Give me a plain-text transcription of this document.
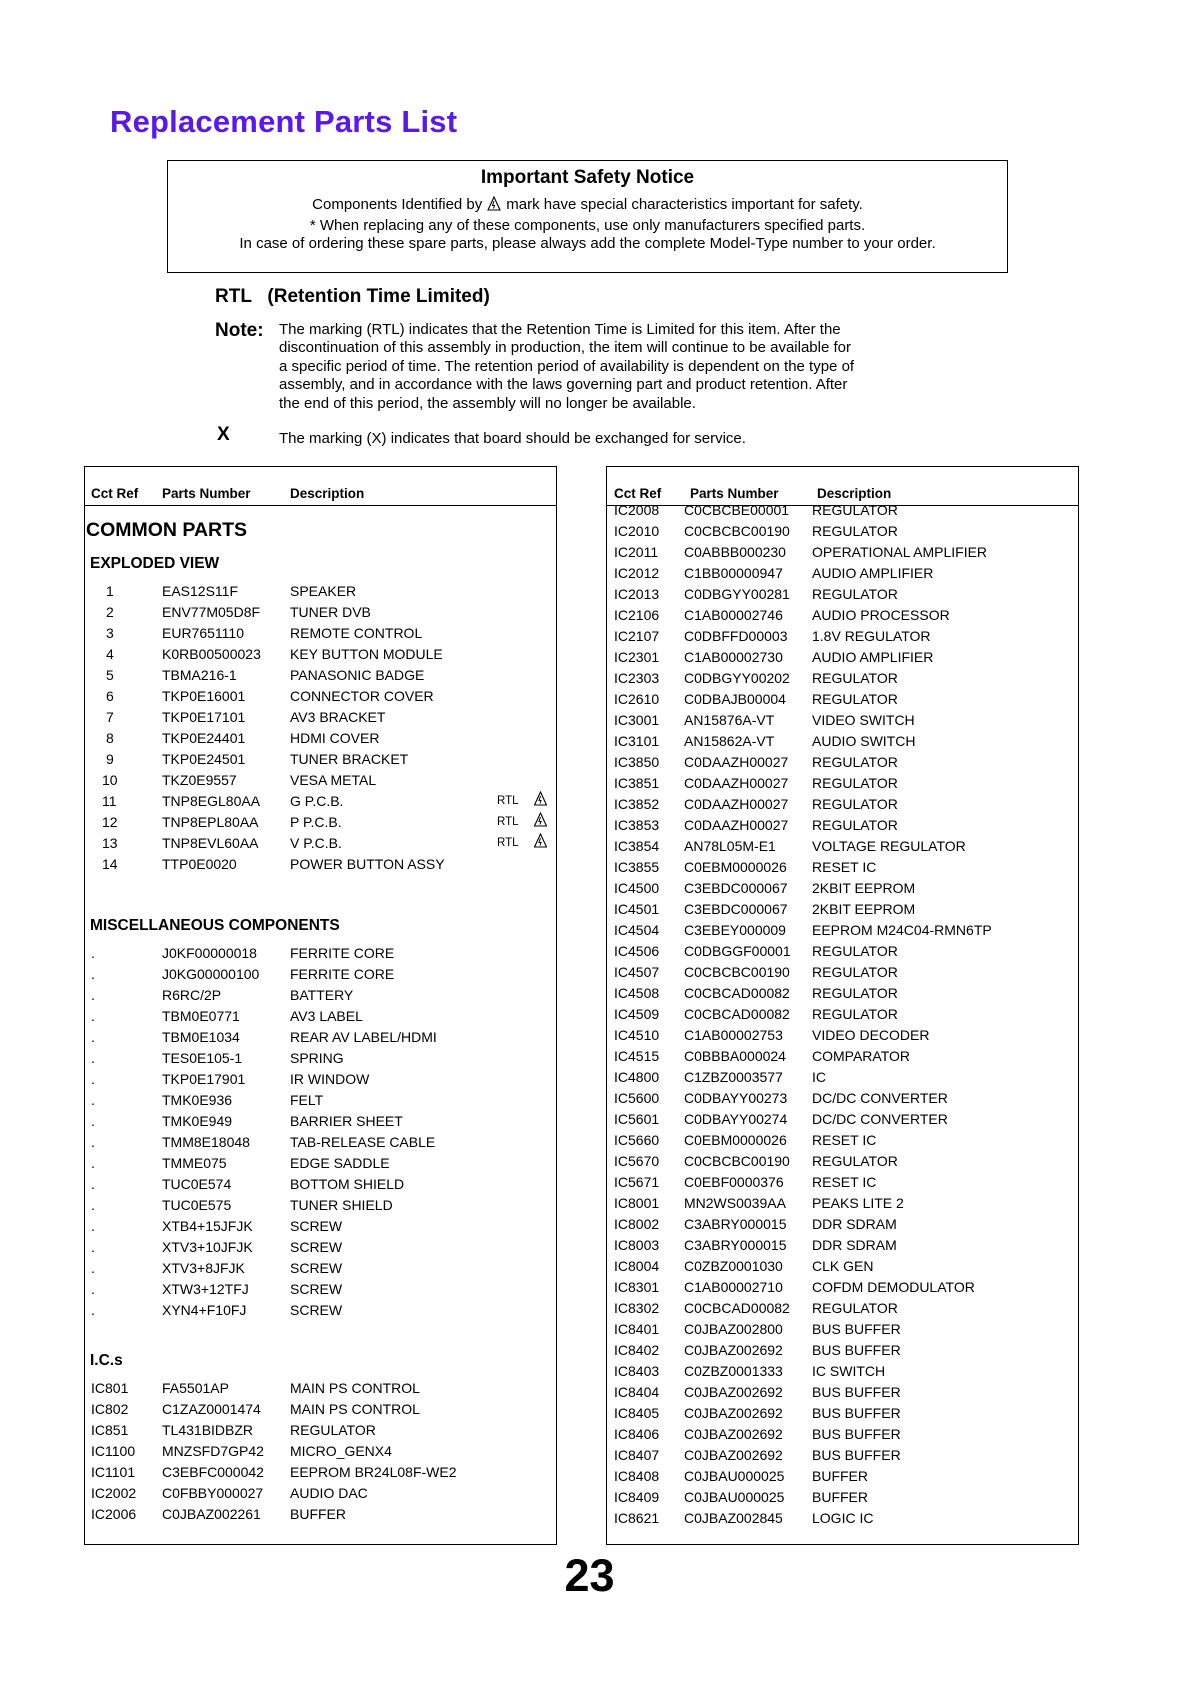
Replacement Parts List
Important Safety Notice
Components Identified by mark have special characteristics important for safety.
* When replacing any of these components, use only manufacturers specified parts.
In case of ordering these spare parts, please always add the complete Model-Type number to your order.
RTL   (Retention Time Limited)
Note: The marking (RTL) indicates that the Retention Time is Limited for this item. After the
discontinuation of this assembly in production, the item will continue to be available for
a specific period of time. The retention period of availability is dependent on the type of
assembly, and in accordance with the laws governing part and product retention. After
the end of this period, the assembly will no longer be available.
X	The marking (X) indicates that board should be exchanged for service.
Cct Ref Parts Number	Description
COMMON PARTS
EXPLODED VIEW
1	EAS12S11F	SPEAKER
2	ENV77M05D8F TUNER DVB
3	EUR7651110	REMOTE CONTROL
4	K0RB00500023 KEY BUTTON MODULE
5	TBMA216-1	PANASONIC BADGE
6	TKP0E16001	CONNECTOR COVER
7	TKP0E17101	AV3 BRACKET
8	TKP0E24401	HDMI COVER
9	TKP0E24501	TUNER BRACKET
10	TKZ0E9557	VESA METAL
11	TNP8EGL80AA G P.C.B.	RTL
12	TNP8EPL80AA P P.C.B.	RTL
13	TNP8EVL60AA V P.C.B.	RTL
14	TTP0E0020	POWER BUTTON ASSY
MISCELLANEOUS COMPONENTS
.	J0KF00000018 FERRITE CORE
.	J0KG00000100 FERRITE CORE
.	R6RC/2P	BATTERY
.	TBM0E0771	AV3 LABEL
.	TBM0E1034	REAR AV LABEL/HDMI
.	TES0E105-1	SPRING
.	TKP0E17901	IR WINDOW
.	TMK0E936	FELT
.	TMK0E949	BARRIER SHEET
.	TMM8E18048	TAB-RELEASE CABLE
.	TMME075	EDGE SADDLE
.	TUC0E574	BOTTOM SHIELD
.	TUC0E575	TUNER SHIELD
.	XTB4+15JFJK	SCREW
.	XTV3+10JFJK	SCREW
.	XTV3+8JFJK	SCREW
.	XTW3+12TFJ	SCREW
.	XYN4+F10FJ	SCREW
I.C.s
IC801 FA5501AP	MAIN PS CONTROL
IC802 C1ZAZ0001474 MAIN PS CONTROL
IC851 TL431BIDBZR	REGULATOR
IC1100 MNZSFD7GP42 MICRO_GENX4
IC1101 C3EBFC000042 EEPROM BR24L08F-WE2
IC2002 C0FBBY000027 AUDIO DAC
IC2006 C0JBAZ002261 BUFFER
Cct Ref Parts Number	Description
IC2008 C0CBCBE00001 REGULATOR
IC2010 C0CBCBC00190 REGULATOR
IC2011 C0ABBB000230 OPERATIONAL AMPLIFIER
IC2012 C1BB00000947 AUDIO AMPLIFIER
IC2013 C0DBGYY00281 REGULATOR
IC2106 C1AB00002746 AUDIO PROCESSOR
IC2107 C0DBFFD00003 1.8V REGULATOR
IC2301 C1AB00002730 AUDIO AMPLIFIER
IC2303 C0DBGYY00202 REGULATOR
IC2610 C0DBAJB00004 REGULATOR
IC3001 AN15876A-VT	VIDEO SWITCH
IC3101 AN15862A-VT	AUDIO SWITCH
IC3850 C0DAAZH00027 REGULATOR
IC3851 C0DAAZH00027 REGULATOR
IC3852 C0DAAZH00027 REGULATOR
IC3853 C0DAAZH00027 REGULATOR
IC3854 AN78L05M-E1	VOLTAGE REGULATOR
IC3855 C0EBM0000026 RESET IC
IC4500 C3EBDC000067 2KBIT EEPROM
IC4501 C3EBDC000067 2KBIT EEPROM
IC4504 C3EBEY000009 EEPROM M24C04-RMN6TP
IC4506 C0DBGGF00001 REGULATOR
IC4507 C0CBCBC00190 REGULATOR
IC4508 C0CBCAD00082 REGULATOR
IC4509 C0CBCAD00082 REGULATOR
IC4510 C1AB00002753 VIDEO DECODER
IC4515 C0BBBA000024 COMPARATOR
IC4800 C1ZBZ0003577 IC
IC5600 C0DBAYY00273 DC/DC CONVERTER
IC5601 C0DBAYY00274 DC/DC CONVERTER
IC5660 C0EBM0000026 RESET IC
IC5670 C0CBCBC00190 REGULATOR
IC5671 C0EBF0000376 RESET IC
IC8001 MN2WS0039AA PEAKS LITE 2
IC8002 C3ABRY000015 DDR SDRAM
IC8003 C3ABRY000015 DDR SDRAM
IC8004 C0ZBZ0001030 CLK GEN
IC8301 C1AB00002710 COFDM DEMODULATOR
IC8302 C0CBCAD00082 REGULATOR
IC8401 C0JBAZ002800 BUS BUFFER
IC8402 C0JBAZ002692 BUS BUFFER
IC8403 C0ZBZ0001333 IC SWITCH
IC8404 C0JBAZ002692 BUS BUFFER
IC8405 C0JBAZ002692 BUS BUFFER
IC8406 C0JBAZ002692 BUS BUFFER
IC8407 C0JBAZ002692 BUS BUFFER
IC8408 C0JBAU000025 BUFFER
IC8409 C0JBAU000025 BUFFER
IC8621 C0JBAZ002845 LOGIC IC
23
